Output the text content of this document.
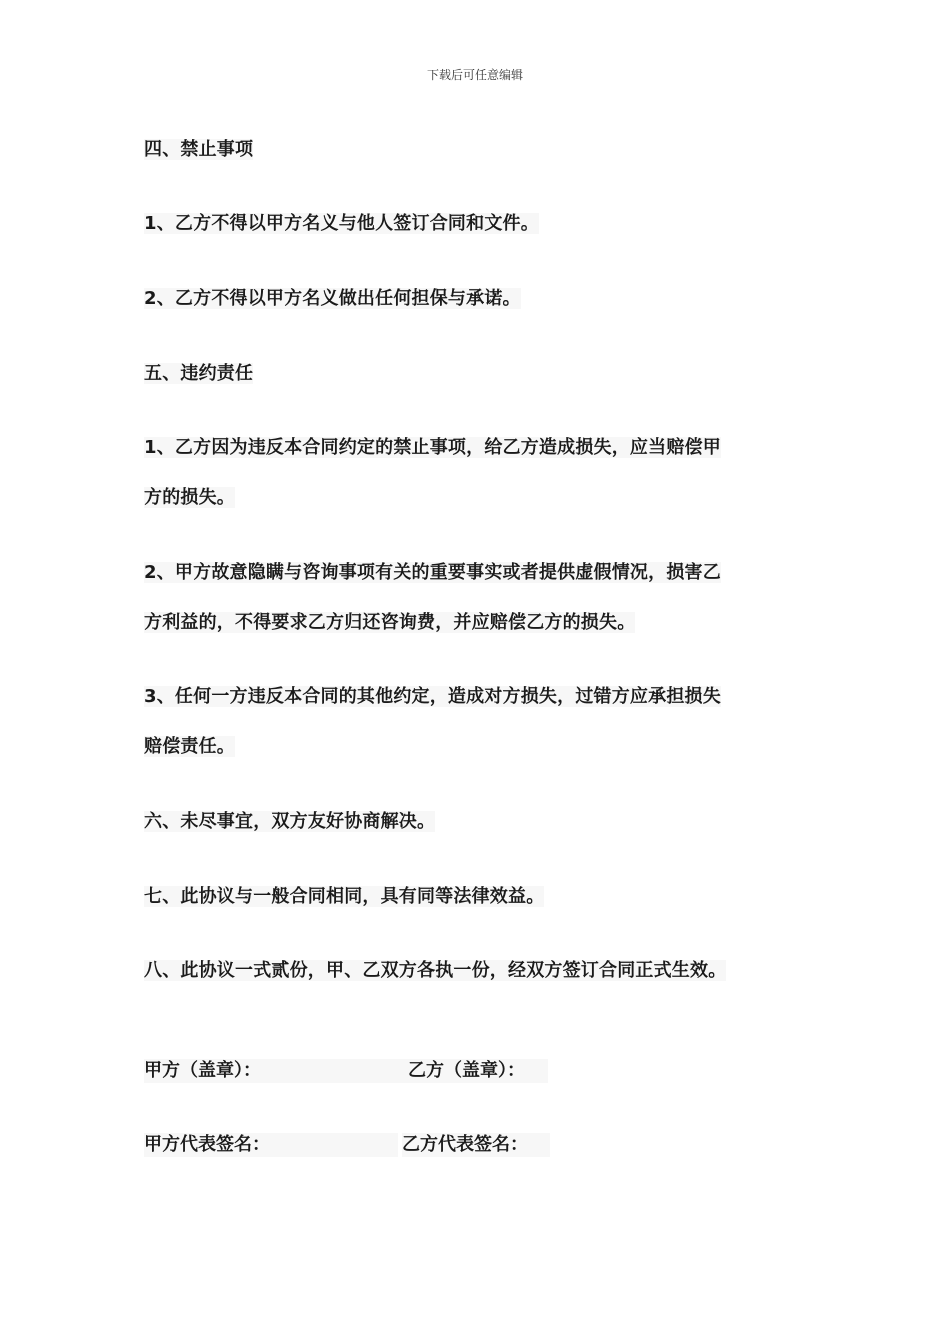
下载后可任意编辑
四、禁止事项
1、乙方不得以甲方名义与他人签订合同和文件。
2、乙方不得以甲方名义做出任何担保与承诺。
五、违约责任
1、乙方因为违反本合同约定的禁止事项，给乙方造成损失，应当赔偿甲
方的损失。
2、甲方故意隐瞒与咨询事项有关的重要事实或者提供虚假情况，损害乙
方利益的，不得要求乙方归还咨询费，并应赔偿乙方的损失。
3、任何一方违反本合同的其他约定，造成对方损失，过错方应承担损失
赔偿责任。
六、未尽事宜，双方友好协商解决。
七、此协议与一般合同相同，具有同等法律效益。
八、此协议一式贰份，甲、乙双方各执一份，经双方签订合同正式生效。
甲方（盖章）：	乙方（盖章）：
甲方代表签名：	乙方代表签名：
